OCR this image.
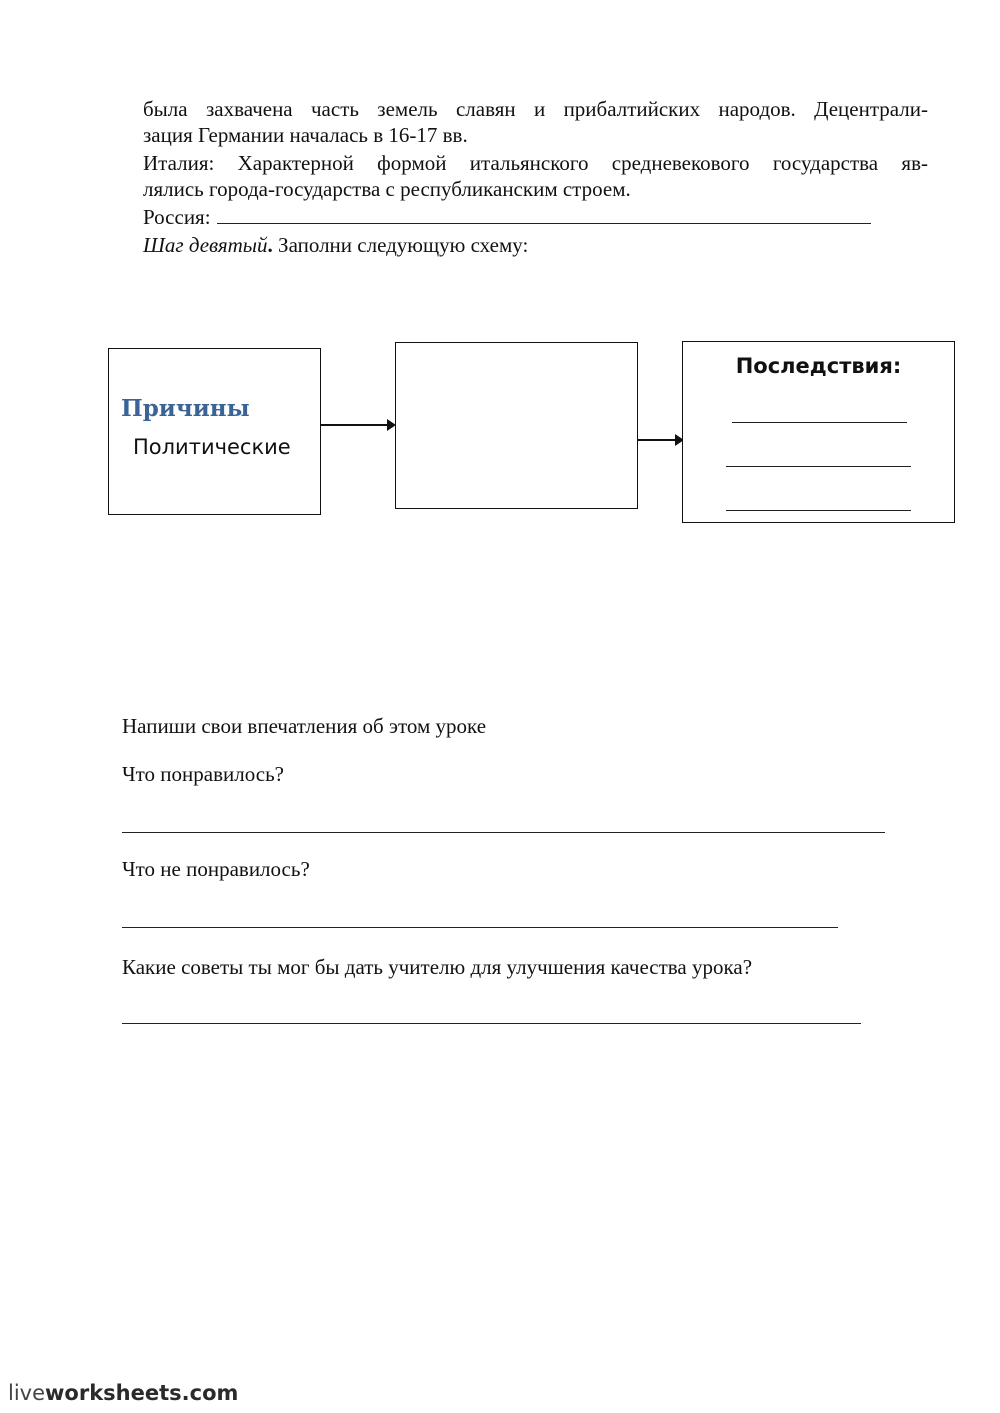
была захвачена часть земель славян и прибалтийских народов. Децентрали-
зация Германии началась в 16-17 вв.
Италия: Характерной формой итальянского средневекового государства яв-
лялись города-государства с республиканским строем.
Россия:
Шаг девятый. Заполни следующую схему:
Причины
Политические
Последствия:
Напиши свои впечатления об этом уроке
Что понравилось?
Что не понравилось?
Какие советы ты мог бы дать учителю для улучшения качества урока?
liveworksheets.com
